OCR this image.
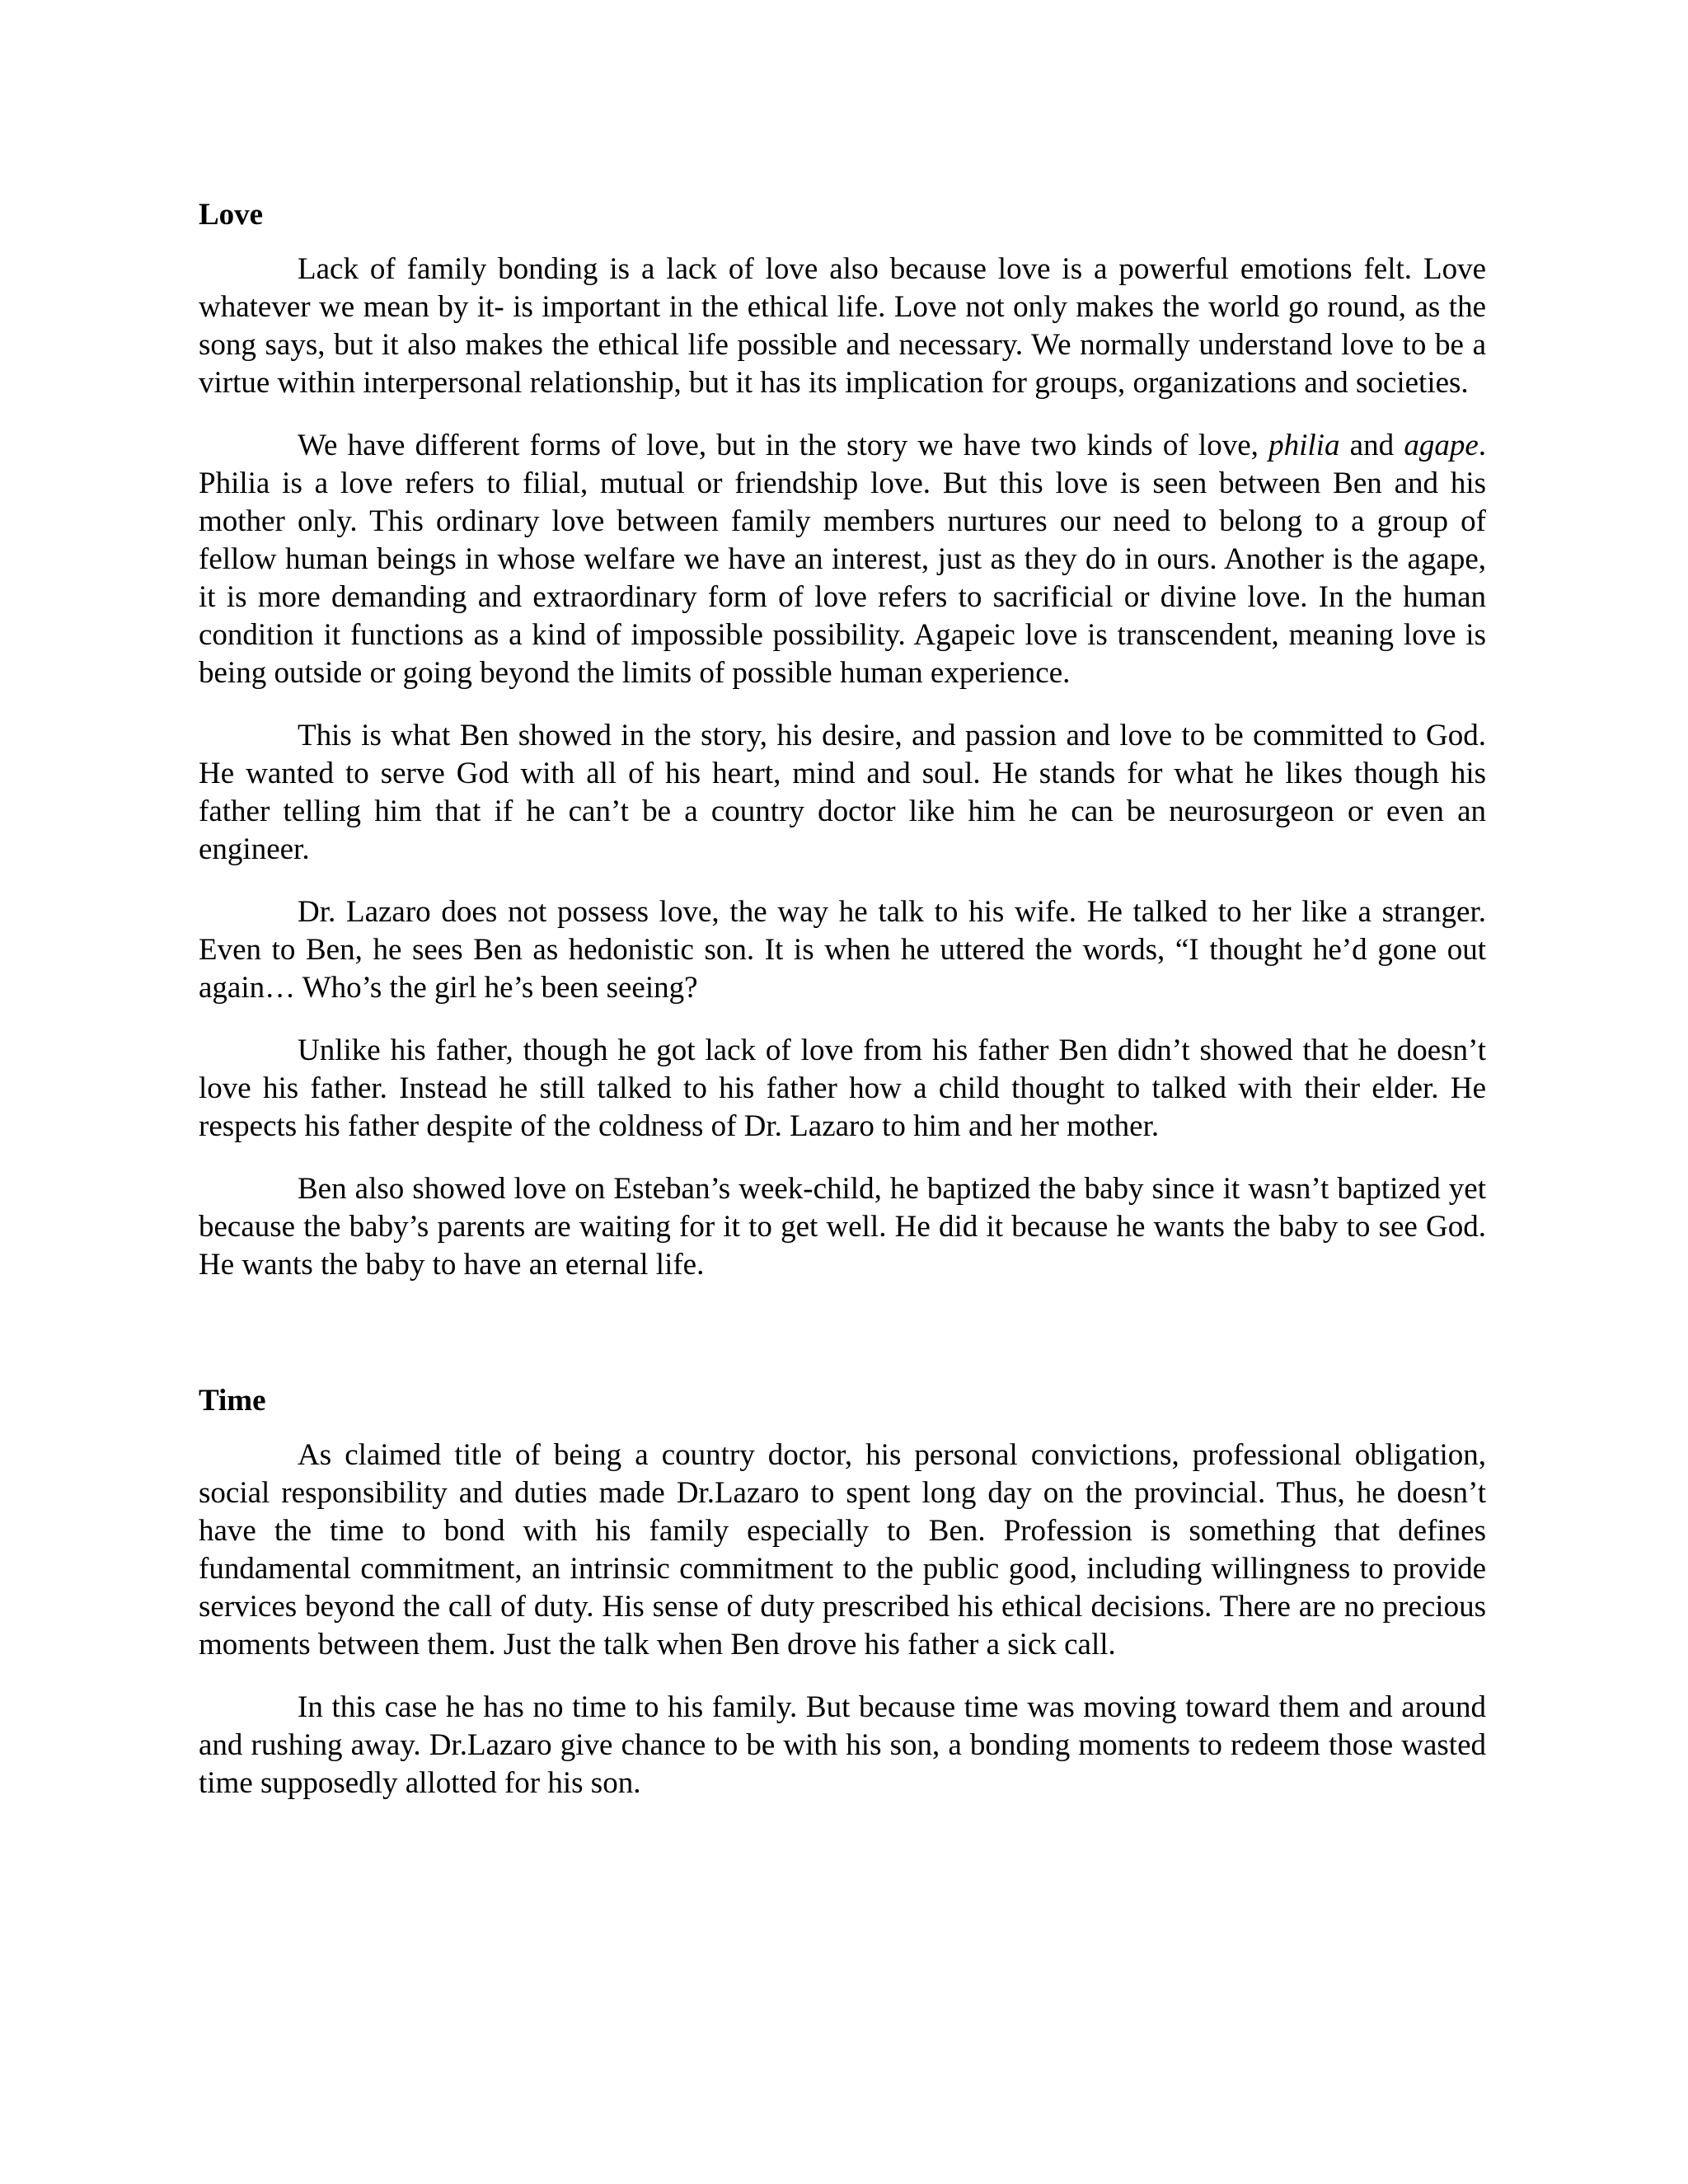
Love

Lack of family bonding is a lack of love also because love is a powerful emotions felt. Love whatever we mean by it- is important in the ethical life. Love not only makes the world go round, as the song says, but it also makes the ethical life possible and necessary. We normally understand love to be a virtue within interpersonal relationship, but it has its implication for groups, organizations and societies.

We have different forms of love, but in the story we have two kinds of love, philia and agape. Philia is a love refers to filial, mutual or friendship love. But this love is seen between Ben and his mother only. This ordinary love between family members nurtures our need to belong to a group of fellow human beings in whose welfare we have an interest, just as they do in ours. Another is the agape, it is more demanding and extraordinary form of love refers to sacrificial or divine love. In the human condition it functions as a kind of impossible possibility. Agapeic love is transcendent, meaning love is being outside or going beyond the limits of possible human experience.

This is what Ben showed in the story, his desire, and passion and love to be committed to God. He wanted to serve God with all of his heart, mind and soul. He stands for what he likes though his father telling him that if he can’t be a country doctor like him he can be neurosurgeon or even an engineer.

Dr. Lazaro does not possess love, the way he talk to his wife. He talked to her like a stranger. Even to Ben, he sees Ben as hedonistic son. It is when he uttered the words, “I thought he’d gone out again… Who’s the girl he’s been seeing?

Unlike his father, though he got lack of love from his father Ben didn’t showed that he doesn’t love his father. Instead he still talked to his father how a child thought to talked with their elder. He respects his father despite of the coldness of Dr. Lazaro to him and her mother.

Ben also showed love on Esteban’s week-child, he baptized the baby since it wasn’t baptized yet because the baby’s parents are waiting for it to get well. He did it because he wants the baby to see God. He wants the baby to have an eternal life.

Time

As claimed title of being a country doctor, his personal convictions, professional obligation, social responsibility and duties made Dr.Lazaro to spent long day on the provincial. Thus, he doesn’t have the time to bond with his family especially to Ben. Profession is something that defines fundamental commitment, an intrinsic commitment to the public good, including willingness to provide services beyond the call of duty. His sense of duty prescribed his ethical decisions. There are no precious moments between them. Just the talk when Ben drove his father a sick call.

In this case he has no time to his family. But because time was moving toward them and around and rushing away. Dr.Lazaro give chance to be with his son, a bonding moments to redeem those wasted time supposedly allotted for his son.
